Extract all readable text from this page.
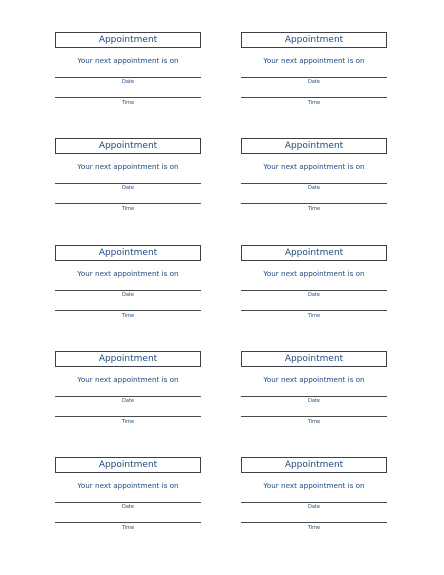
Appointment
Your next appointment is on
Date
Time
Appointment
Your next appointment is on
Date
Time
Appointment
Your next appointment is on
Date
Time
Appointment
Your next appointment is on
Date
Time
Appointment
Your next appointment is on
Date
Time
Appointment
Your next appointment is on
Date
Time
Appointment
Your next appointment is on
Date
Time
Appointment
Your next appointment is on
Date
Time
Appointment
Your next appointment is on
Date
Time
Appointment
Your next appointment is on
Date
Time
